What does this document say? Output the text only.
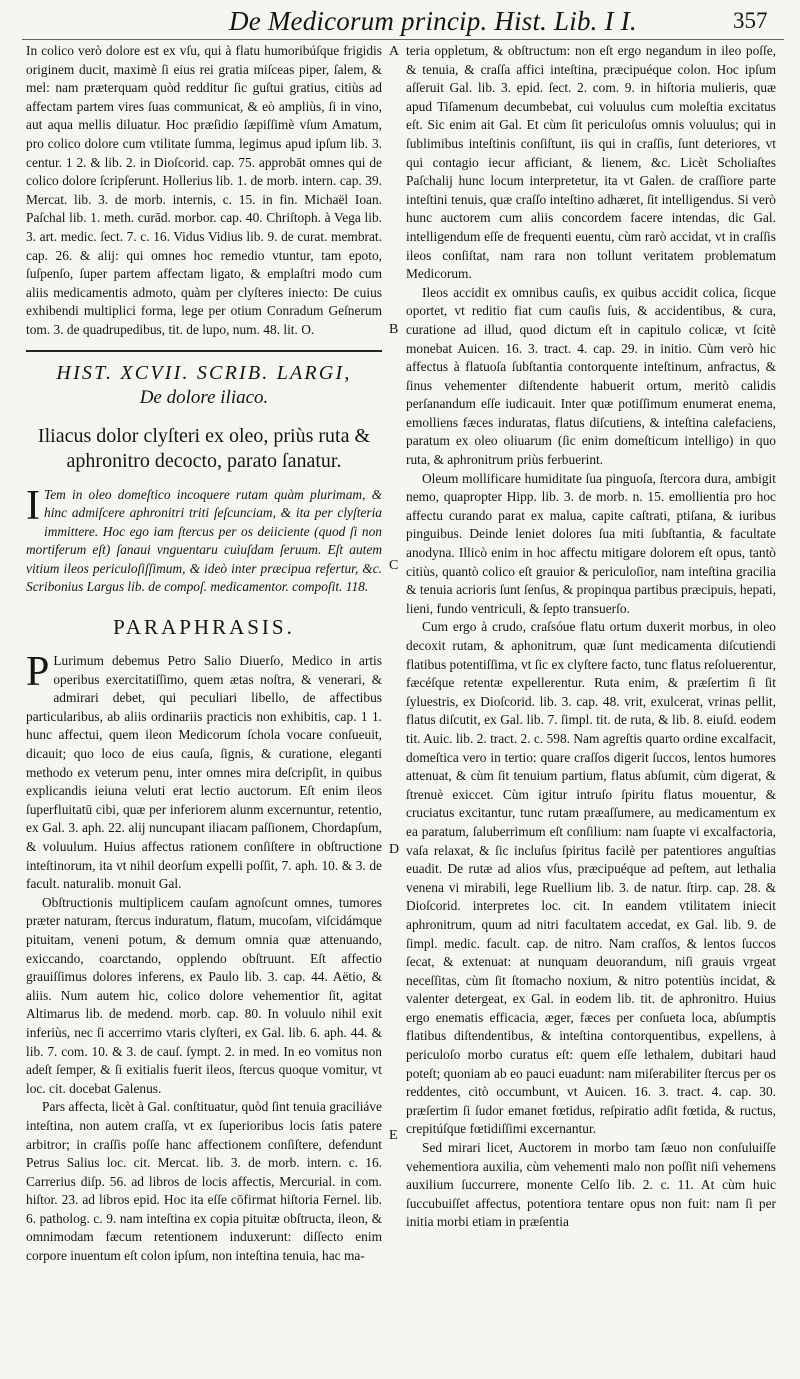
De Medicorum princip. Hist. Lib. I I.	357
A
B
C
D
E

In colico verò dolore est ex vſu, qui à flatu humoribúſque frigidis originem ducit, maximè ſi eius rei gratia miſceas piper, ſalem, & mel: nam præterquam quòd redditur ſic guſtui gratius, citiùs ad affectam partem vires ſuas communicat, & eò ampliùs, ſi in vino, aut aqua mellis diluatur. Hoc præſidio ſæpiſſimè vſum Amatum, pro colico dolore cum vtilitate ſumma, legimus apud ipſum lib. 3. centur. 1 2. & lib. 2. in Dioſcorid. cap. 75. approbāt omnes qui de colico dolore ſcripſerunt. Hollerius lib. 1. de morb. intern. cap. 39. Mercat. lib. 3. de morb. internis, c. 15. in fin. Michaël Ioan. Paſchal lib. 1. meth. curād. morbor. cap. 40. Chriſtoph. à Vega lib. 3. art. medic. ſect. 7. c. 16. Vidus Vidius lib. 9. de curat. membrat. cap. 26. & alij: qui omnes hoc remedio vtuntur, tam epoto, ſuſpenſo, ſuper partem affectam ligato, & emplaſtri modo cum aliis medicamentis admoto, quàm per clyſteres iniecto: De cuius exhibendi multiplici forma, lege per otium Conradum Geſnerum tom. 3. de quadrupedibus, tit. de lupo, num. 48. lit. O.

HIST. XCVII. SCRIB. LARGI,

De dolore iliaco.

Iliacus dolor clyſteri ex oleo, priùs ruta & aphronitro decocto, parato ſanatur.

I Tem in oleo domeſtico incoquere rutam quàm plurimam, & hinc admiſcere aphronitri triti ſeſcunciam, & ita per clyſteria immittere. Hoc ego iam ſtercus per os deiiciente (quod ſi non mortiferum eſt) ſanaui vnguentaru cuiuſdam ſeruum. Eſt autem vitium ileos periculoſiſſimum, & ideò inter præcipua refertur, &c. Scribonius Largus lib. de compoſ. medicamentor. compoſit. 118.

PARAPHRASIS.

P Lurimum debemus Petro Salio Diuerſo, Medico in artis operibus exercitatiſſimo, quem ætas noſtra, & venerari, & admirari debet, qui peculiari libello, de affectibus particularibus, ab aliis ordinariis practicis non exhibitis, cap. 1 1. hunc affectui, quem ileon Medicorum ſchola vocare conſueuit, dicauit; quo loco de eius cauſa, ſignis, & curatione, eleganti methodo ex veterum penu, inter omnes mira deſcripſit, in quibus explicandis ieiuna veluti erat lectio auctorum. Eſt enim ileos ſuperfluitatū cibi, quæ per inferiorem alunm excernuntur, retentio, ex Gal. 3. aph. 22. alij nuncupant iliacam paſſionem, Chordapſum, & voluulum. Huius affectus rationem conſiſtere in obſtructione inteſtinorum, ita vt nihil deorſum expelli poſſit, 7. aph. 10. & 3. de facult. naturalib. monuit Gal.

Obſtructionis multiplicem cauſam agnoſcunt omnes, tumores præter naturam, ſtercus induratum, flatum, mucoſam, viſcidámque pituitam, veneni potum, & demum omnia quæ attenuando, exiccando, coarctando, opplendo obſtruunt. Eſt affectio grauiſſimus dolores inferens, ex Paulo lib. 3. cap. 44. Aëtio, & aliis. Num autem hic, colico dolore vehementior ſit, agitat Altimarus lib. de medend. morb. cap. 80. In voluulo nihil exit inferiùs, nec ſi accerrimo vtaris clyſteri, ex Gal. lib. 6. aph. 44. & lib. 7. com. 10. & 3. de cauſ. ſympt. 2. in med. In eo vomitus non adeſt ſemper, & ſi exitialis fuerit ileos, ſtercus quoque vomitur, vt loc. cit. docebat Galenus.

Pars affecta, licèt à Gal. conſtituatur, quòd ſint tenuia graciliáve inteſtina, non autem craſſa, vt ex ſuperioribus locis ſatis patere arbitror; in craſſis poſſe hanc affectionem conſiſtere, defendunt Petrus Salius loc. cit. Mercat. lib. 3. de morb. intern. c. 16. Carrerius diſp. 56. ad libros de locis affectis, Mercurial. in com. hiſtor. 23. ad libros epid. Hoc ita eſſe cōfirmat hiſtoria Fernel. lib. 6. patholog. c. 9. nam inteſtina ex copia pituitæ obſtructa, ileon, & omnimodam fæcum retentionem induxerunt: diſſecto enim corpore inuentum eſt colon ipſum, non inteſtina tenuia, hac ma-

teria oppletum, & obſtructum: non eſt ergo negandum in ileo poſſe, & tenuia, & craſſa affici inteſtina, præcipuéque colon. Hoc ipſum aſſeruit Gal. lib. 3. epid. ſect. 2. com. 9. in hiſtoria mulieris, quæ apud Tiſamenum decumbebat, cui voluulus cum moleſtia excitatus eſt. Sic enim ait Gal. Et cùm ſit periculoſus omnis voluulus; qui in ſublimibus inteſtinis conſiſtunt, iis qui in craſſis, ſunt deteriores, vt qui contagio iecur afficiant, & lienem, &c. Licèt Scholiaſtes Paſchalij hunc locum interpretetur, ita vt Galen. de craſſiore parte inteſtini tenuis, quæ craſſo inteſtino adhæret, ſit intelligendus. Si verò hunc auctorem cum aliis concordem facere intendas, dic Gal. intelligendum eſſe de frequenti euentu, cùm rarò accidat, vt in craſſis ileos conſiſtat, nam rara non tollunt veritatem problematum Medicorum.

Ileos accidit ex omnibus cauſis, ex quibus accidit colica, ſicque oportet, vt reditio fiat cum cauſis ſuis, & accidentibus, & cura, curatione ad illud, quod dictum eſt in capitulo colicæ, vt ſcitè monebat Auicen. 16. 3. tract. 4. cap. 29. in initio. Cùm verò hic affectus à flatuoſa ſubſtantia contorquente inteſtinum, anfractus, & ſinus vehementer diſtendente habuerit ortum, meritò calidis perſanandum eſſe iudicauit. Inter quæ potiſſimum enumerat enema, emolliens fæces induratas, flatus diſcutiens, & inteſtina calefaciens, paratum ex oleo oliuarum (ſic enim domeſticum intelligo) in quo ruta, & aphronitrum priùs ferbuerint.

Oleum mollificare humiditate ſua pinguoſa, ſtercora dura, ambigit nemo, quapropter Hipp. lib. 3. de morb. n. 15. emollientia pro hoc affectu curando parat ex malua, capite caſtrati, ptiſana, & iuribus pinguibus. Deinde leniet dolores ſua miti ſubſtantia, & facultate anodyna. Illicò enim in hoc affectu mitigare dolorem eſt opus, tantò citiùs, quantò colico eſt grauior & periculoſior, nam inteſtina gracilia & tenuia acrioris ſunt ſenſus, & propinqua partibus præcipuis, hepati, lieni, fundo ventriculi, & ſepto transuerſo.

Cum ergo à crudo, craſsóue flatu ortum duxerit morbus, in oleo decoxit rutam, & aphonitrum, quæ ſunt medicamenta diſcutiendi flatibus potentiſſima, vt ſic ex clyſtere facto, tunc flatus reſoluerentur, fæcéſque retentæ expellerentur. Ruta enim, & præſertim ſi ſit ſyluestris, ex Dioſcorid. lib. 3. cap. 48. vrit, exulcerat, vrinas pellit, flatus diſcutit, ex Gal. lib. 7. ſimpl. tit. de ruta, & lib. 8. eiuſd. eodem tit. Auic. lib. 2. tract. 2. c. 598. Nam agreſtis quarto ordine excalfacit, domeſtica vero in tertio: quare craſſos digerit ſuccos, lentos humores attenuat, & cùm ſit tenuium partium, flatus abſumit, cùm digerat, & ſtrenuè exiccet. Cùm igitur intruſo ſpiritu flatus mouentur, & cruciatus excitantur, tunc rutam præaſſumere, au medicamentum ex ea paratum, ſaluberrimum eſt conſilium: nam ſuapte vi excalfactoria, vaſa relaxat, & ſic incluſus ſpiritus facilè per patentiores anguſtias euadit. De rutæ ad alios vſus, præcipuéque ad peſtem, aut lethalia venena vi mirabili, lege Ruellium lib. 3. de natur. ſtirp. cap. 28. & Dioſcorid. interpretes loc. cit. In eandem vtilitatem iniecit aphronitrum, quum ad nitri facultatem accedat, ex Gal. lib. 9. de ſimpl. medic. facult. cap. de nitro. Nam craſſos, & lentos ſuccos ſecat, & extenuat: at nunquam deuorandum, niſi grauis vrgeat neceſſitas, cùm ſit ſtomacho noxium, & nitro potentiùs incidat, & valenter detergeat, ex Gal. in eodem lib. tit. de aphronitro. Huius ergo enematis efficacia, æger, fæces per conſueta loca, abſumptis flatibus diſtendentibus, & inteſtina contorquentibus, expellens, à periculoſo morbo curatus eſt: quem eſſe lethalem, dubitari haud poteſt; quoniam ab eo pauci euadunt: nam miſerabiliter ſtercus per os reddentes, citò occumbunt, vt Auicen. 16. 3. tract. 4. cap. 30. præſertim ſi ſudor emanet fœtidus, reſpiratio adſit fœtida, & ructus, crepitúſque fœtidiſſimi excernantur.

Sed mirari licet, Auctorem in morbo tam ſæuo non conſuluiſſe vehementiora auxilia, cùm vehementi malo non poſſit niſi vehemens auxilium ſuccurrere, monente Celſo lib. 2. c. 11. At cùm huic ſuccubuiſſet affectus, potentiora tentare opus non fuit: nam ſi per initia morbi etiam in præſentia
